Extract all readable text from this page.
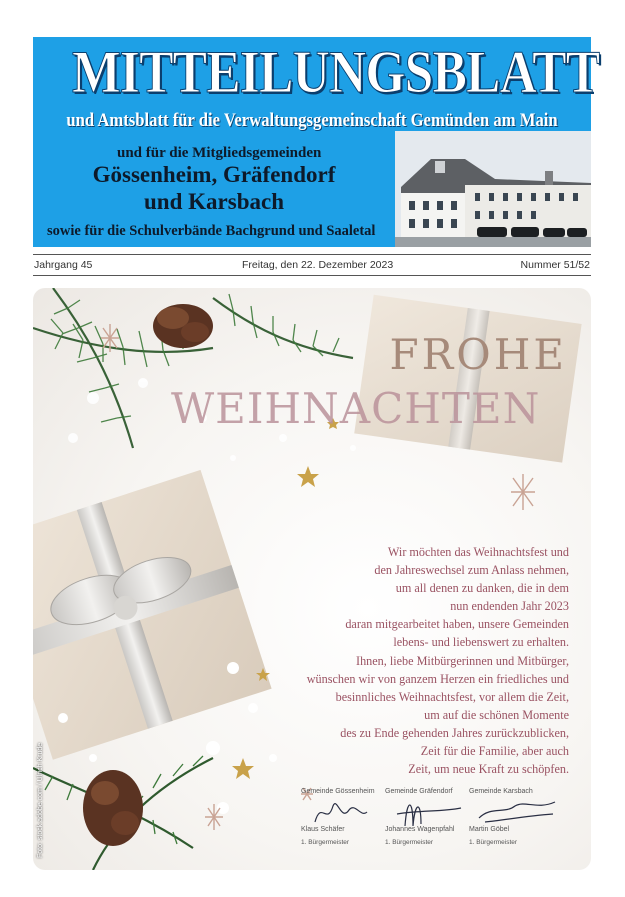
MITTEILUNGSBLATT
und Amtsblatt für die Verwaltungsgemeinschaft Gemünden am Main
und für die Mitgliedsgemeinden
Gössenheim, Gräfendorf
und Karsbach
sowie für die Schulverbände Bachgrund und Saaletal
Jahrgang 45	Freitag, den 22. Dezember 2023	Nummer 51/52
FROHE
WEIHNACHTEN
Wir möchten das Weihnachtsfest und
den Jahreswechsel zum Anlass nehmen,
um all denen zu danken, die in dem
nun endenden Jahr 2023
daran mitgearbeitet haben, unsere Gemeinden
lebens- und liebenswert zu erhalten.
Ihnen, liebe Mitbürgerinnen und Mitbürger,
wünschen wir von ganzem Herzen ein friedliches und
besinnliches Weihnachtsfest, vor allem die Zeit,
um auf die schönen Momente
des zu Ende gehenden Jahres zurückzublicken,
Zeit für die Familie, aber auch
Zeit, um neue Kraft zu schöpfen.
Gemeinde Gössenheim
Klaus Schäfer
1. Bürgermeister
Gemeinde Gräfendorf
Johannes Wagenpfahl
1. Bürgermeister
Gemeinde Karsbach
Martin Göbel
1. Bürgermeister
Foto: stock.adobe.com / Ulrich Krude
